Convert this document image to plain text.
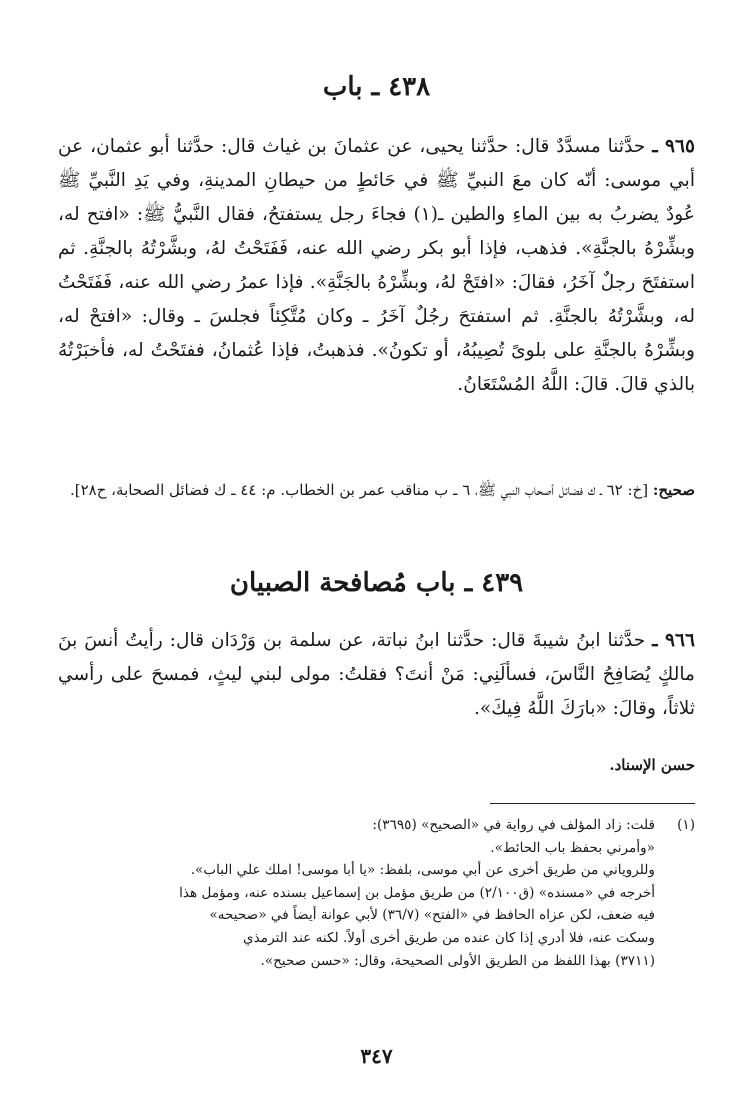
٤٣٨ ـ باب

٩٦٥ ـ حدَّثنا مسدَّدٌ قال: حدَّثنا يحيى، عن عثمانَ بن غياث قال: حدَّثنا أبو عثمان، عن أبي موسى: أنّه كان معَ النبيِّ ﷺ في حَائطٍ من حيطانِ المدينةِ، وفي يَدِ النَّبيِّ ﷺ عُودٌ يضربُ به بين الماءِ والطين ـ(١) فجاءَ رجل يستفتحُ، فقال النَّبيُّ ﷺ: «افتح له، وبشِّرْهُ بالجنَّةِ». فذهب، فإذا أبو بكر رضي الله عنه، فَفَتَحْتُ لهُ، وبشَّرْتُهُ بالجنَّةِ. ثم استفتَحَ رجلٌ آخَرُ، فقالَ: «افتَحْ لهُ، وبشِّرْهُ بالجَنَّةِ». فإذا عمرُ رضي الله عنه، فَفَتَحْتُ له، وبشَّرْتُهُ بالجنَّةِ. ثم استفتحَ رجُلٌ آخَرُ ـ وكان مُتَّكِئاً فجلسَ ـ وقال: «افتحْ له، وبشِّرْهُ بالجنَّةِ على بلوىً تُصِيبُهُ، أو تكونُ». فذهبتُ، فإذا عُثمانُ، ففتَحْتُ له، فأخبَرْتُهُ بالذي قالَ. قالَ: اللَّهُ المُسْتَعَانُ.

صحيح: [خ: ٦٢ ـ ك فضائل أصحاب النبي ﷺ، ٦ ـ ب مناقب عمر بن الخطاب. م: ٤٤ ـ ك فضائل الصحابة، ح٢٨].

٤٣٩ ـ باب مُصافحة الصبيان

٩٦٦ ـ حدَّثنا ابنُ شيبةَ قال: حدَّثنا ابنُ نباتة، عن سلمة بن وَرْدَان قال: رأيتُ أنسَ بنَ مالكٍ يُصَافِحُ النَّاسَ، فسألَنِي: مَنْ أنتَ؟ فقلتُ: مولى لبني ليثٍ، فمسحَ على رأسي ثلاثاً، وقالَ: «بارَكَ اللَّهُ فِيكَ».

حسن الإسناد.

(١)
قلت: زاد المؤلف في رواية في «الصحيح» (٣٦٩٥):
«وأمرني بحفظ باب الحائط».
وللروياني من طريق أخرى عن أبي موسى، بلفظ: «يا أبا موسى! املك علي الباب».
أخرجه في «مسنده» (ق٢/١٠٠) من طريق مؤمل بن إسماعيل بسنده عنه، ومؤمل هذا
فيه ضعف، لكن عزاه الحافظ في «الفتح» (٣٦/٧) لأبي عوانة أيضاً في «صحيحه»
وسكت عنه، فلا أدري إذا كان عنده من طريق أخرى أولاً. لكنه عند الترمذي
(٣٧١١) بهذا اللفظ من الطريق الأولى الصحيحة، وقال: «حسن صحيح».
٣٤٧
